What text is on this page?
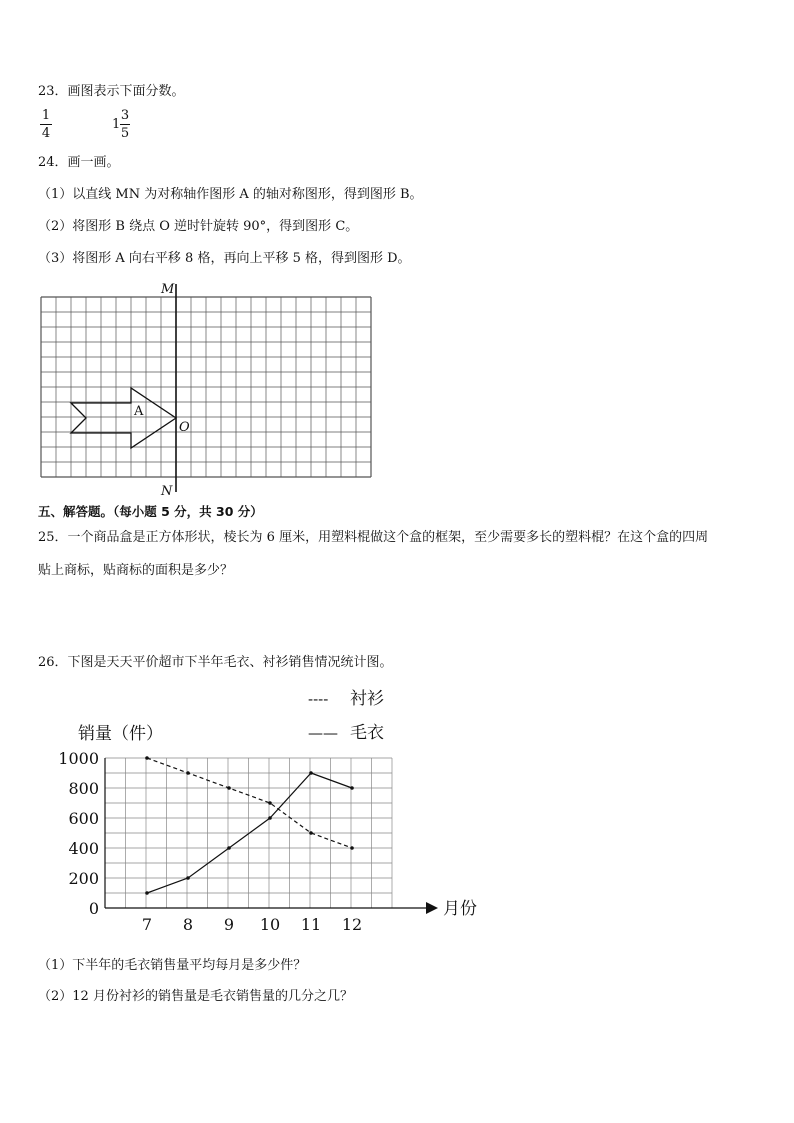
23．画图表示下面分数。
1
4
1
3
5
24．画一画。
（1）以直线 MN 为对称轴作图形 A 的轴对称图形，得到图形 B。
（2）将图形 B 绕点 O 逆时针旋转 90°，得到图形 C。
（3）将图形 A 向右平移 8 格，再向上平移 5 格，得到图形 D。
M
N
O
A
五、解答题。（每小题 5 分，共 30 分）
25．一个商品盒是正方体形状，棱长为 6 厘米，用塑料棍做这个盒的框架，至少需要多长的塑料棍？在这个盒的四周
贴上商标，贴商标的面积是多少？
26．下图是天天平价超市下半年毛衣、衬衫销售情况统计图。
0
200
400
600
800
1000
7 8 9 10 11 12
销量（件）
月份
---- 衬衫
—— 毛衣
（1）下半年的毛衣销售量平均每月是多少件？
（2）12 月份衬衫的销售量是毛衣销售量的几分之几？
